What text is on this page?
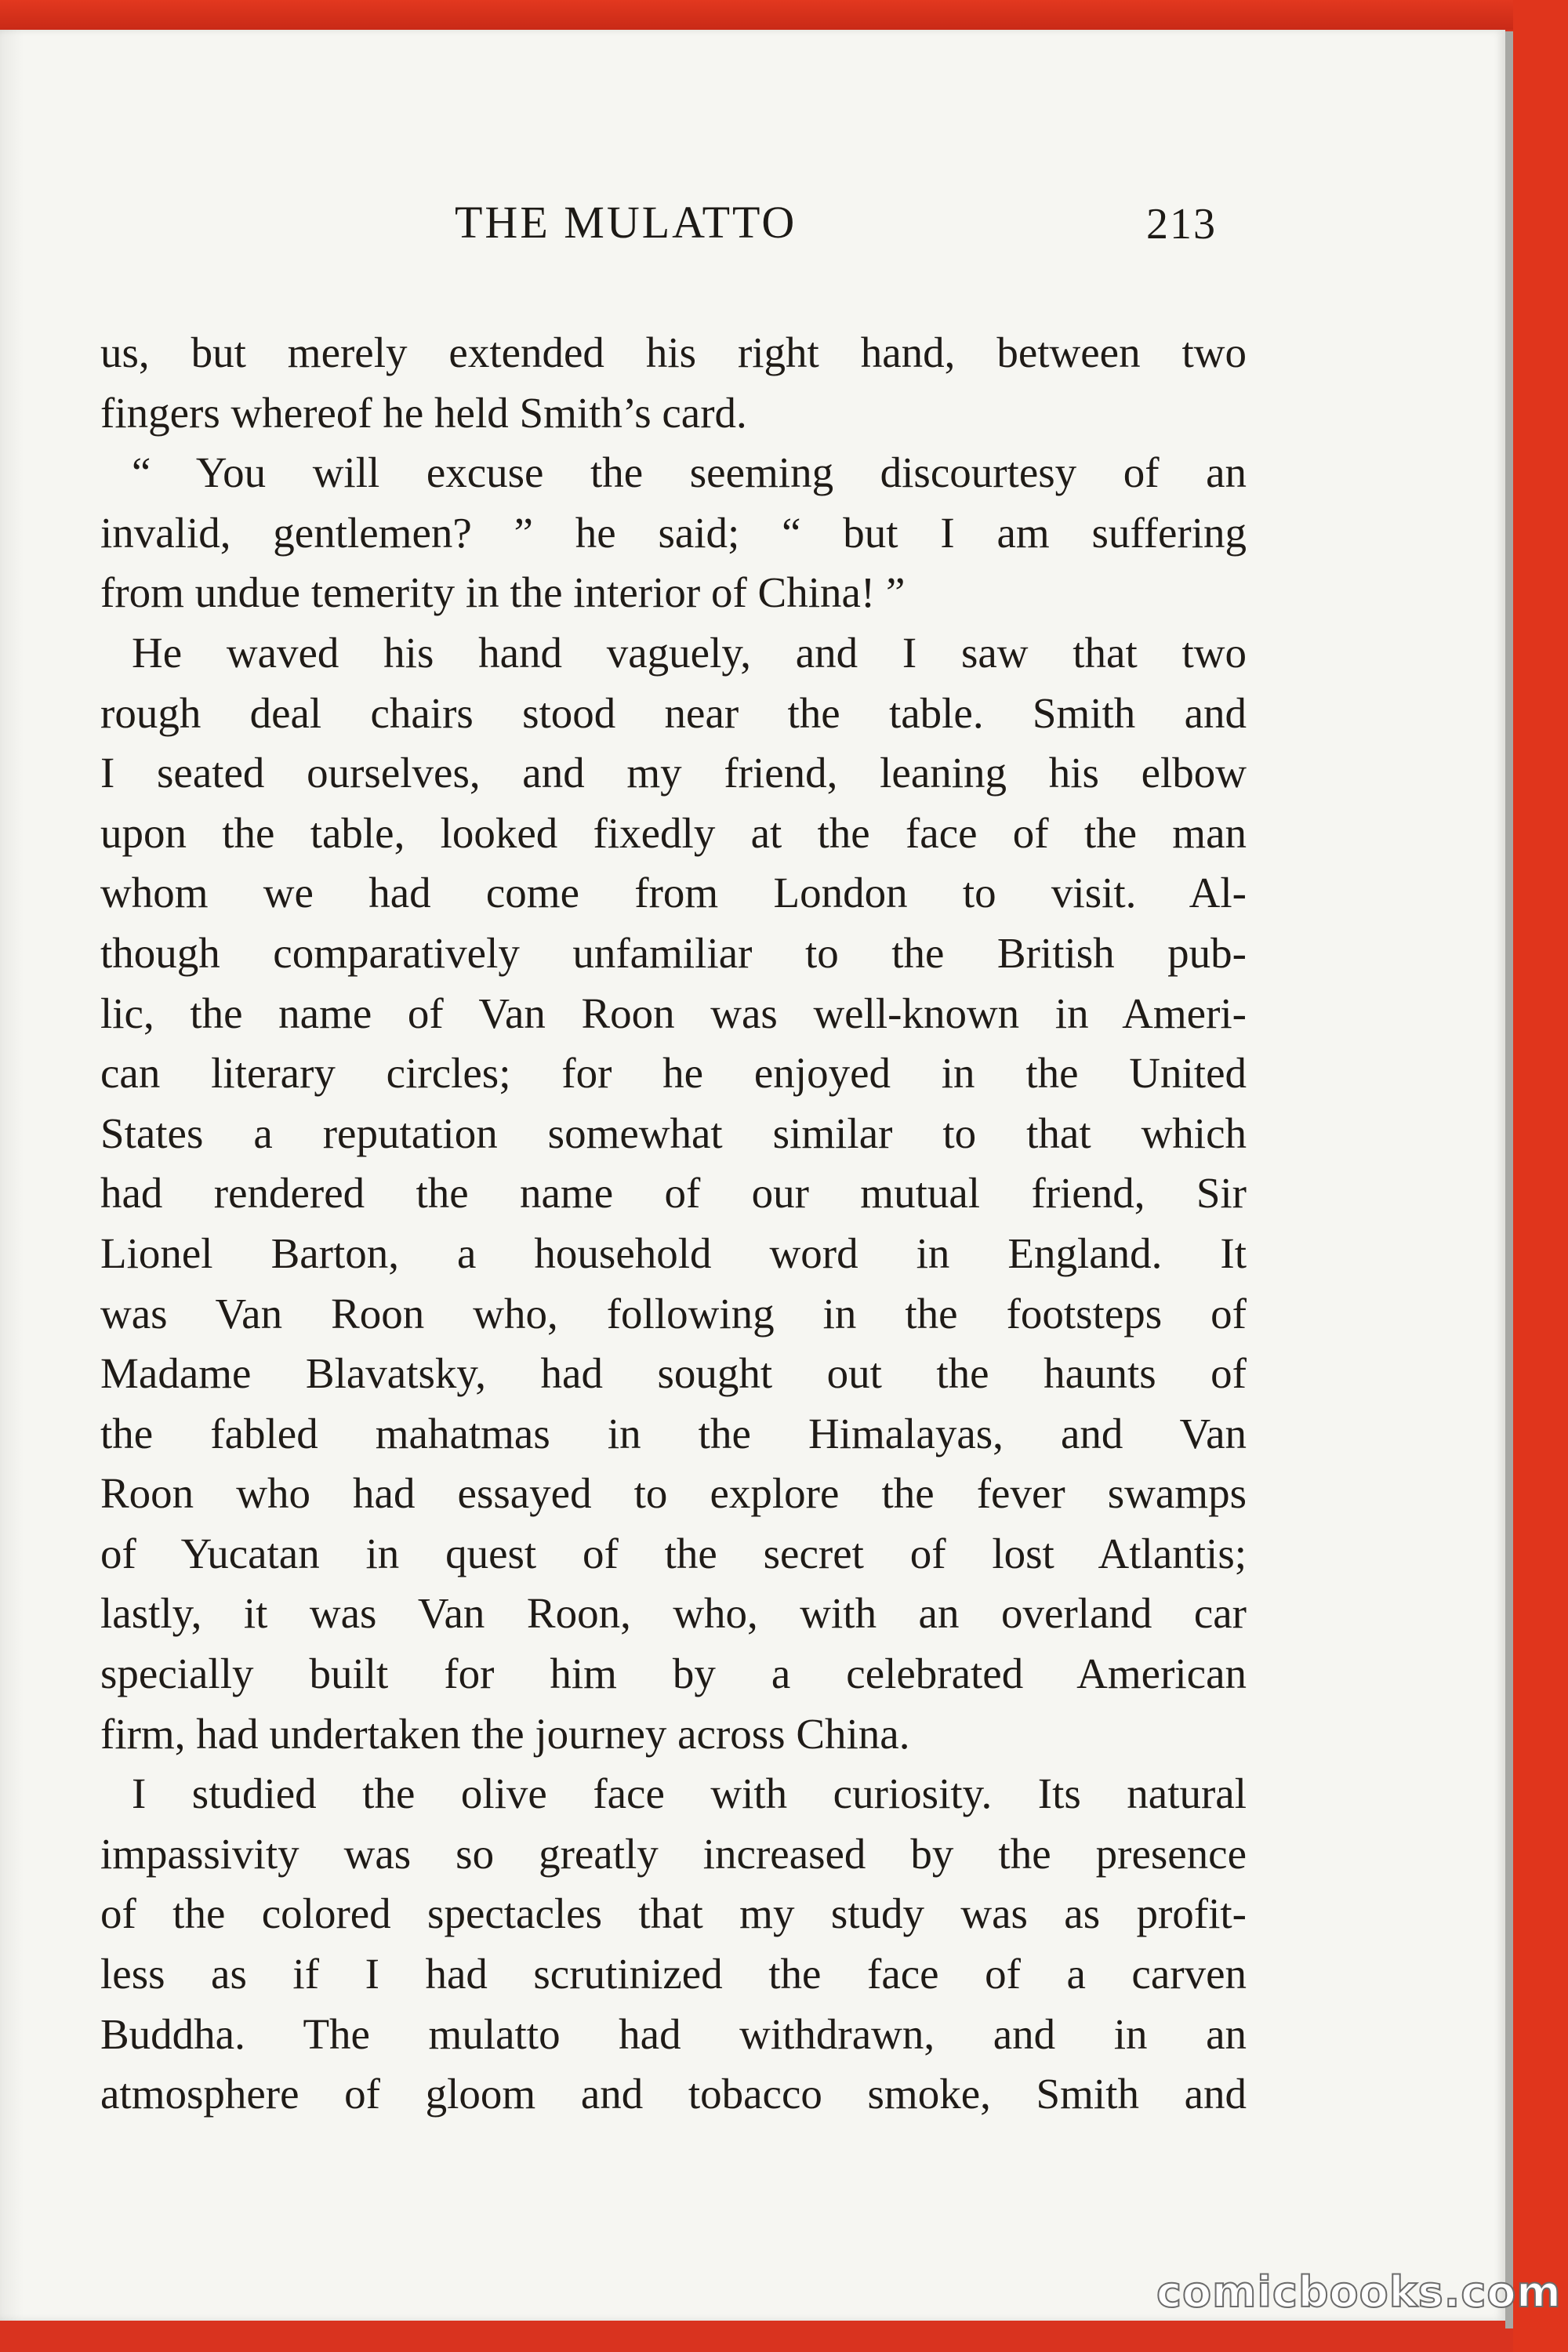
THE MULATTO	213
us, but merely extended his right hand, between two
fingers whereof he held Smith’s card.
“ You will excuse the seeming discourtesy of an
invalid, gentlemen? ” he said; “ but I am suffering
from undue temerity in the interior of China! ”
He waved his hand vaguely, and I saw that two
rough deal chairs stood near the table. Smith and
I seated ourselves, and my friend, leaning his elbow
upon the table, looked fixedly at the face of the man
whom we had come from London to visit. Al-
though comparatively unfamiliar to the British pub-
lic, the name of Van Roon was well-known in Ameri-
can literary circles; for he enjoyed in the United
States a reputation somewhat similar to that which
had rendered the name of our mutual friend, Sir
Lionel Barton, a household word in England. It
was Van Roon who, following in the footsteps of
Madame Blavatsky, had sought out the haunts of
the fabled mahatmas in the Himalayas, and Van
Roon who had essayed to explore the fever swamps
of Yucatan in quest of the secret of lost Atlantis;
lastly, it was Van Roon, who, with an overland car
specially built for him by a celebrated American
firm, had undertaken the journey across China.
I studied the olive face with curiosity. Its natural
impassivity was so greatly increased by the presence
of the colored spectacles that my study was as profit-
less as if I had scrutinized the face of a carven
Buddha. The mulatto had withdrawn, and in an
atmosphere of gloom and tobacco smoke, Smith and
comicbooks.com
